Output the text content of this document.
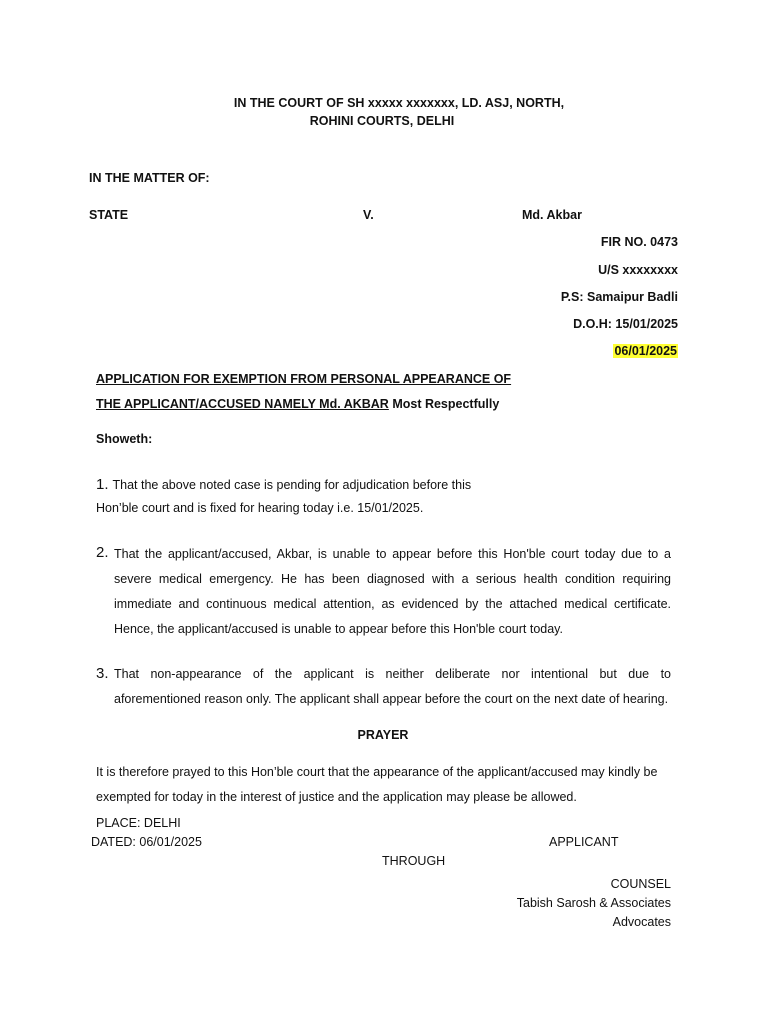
IN THE COURT OF SH xxxxx xxxxxxx, LD. ASJ, NORTH,
ROHINI COURTS, DELHI
IN THE MATTER OF:
STATE	V.	Md. Akbar
FIR NO. 0473
U/S xxxxxxxx
P.S: Samaipur Badli
D.O.H: 15/01/2025
06/01/2025
APPLICATION FOR EXEMPTION FROM PERSONAL APPEARANCE OF
THE APPLICANT/ACCUSED NAMELY Md. AKBAR Most Respectfully
Showeth:
1. That the above noted case is pending for adjudication before this
Hon’ble court and is fixed for hearing today i.e. 15/01/2025.
2. That the applicant/accused, Akbar, is unable to appear before this Hon'ble court today due to a
severe medical emergency. He has been diagnosed with a serious health condition requiring
immediate and continuous medical attention, as evidenced by the attached medical certificate.
Hence, the applicant/accused is unable to appear before this Hon'ble court today.
3. That non-appearance of the applicant is neither deliberate nor intentional but due to
aforementioned reason only. The applicant shall appear before the court on the next date of hearing.
PRAYER
It is therefore prayed to this Hon’ble court that the appearance of the applicant/accused may kindly be
exempted for today in the interest of justice and the application may please be allowed.
PLACE: DELHI
DATED: 06/01/2025	APPLICANT
THROUGH
COUNSEL
Tabish Sarosh & Associates
Advocates
